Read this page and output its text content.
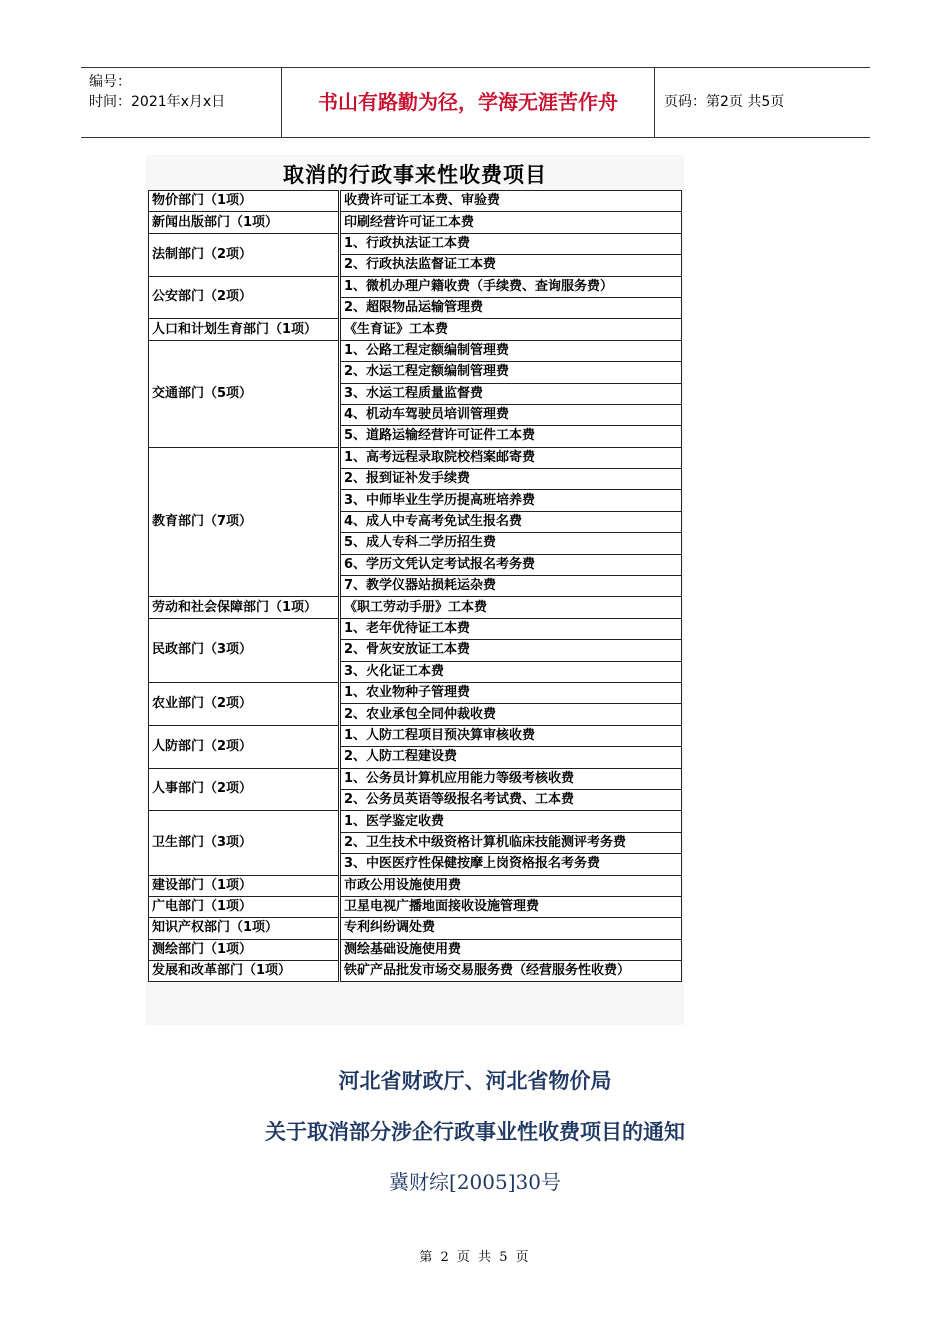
编号：
时间：2021年x月x日	书山有路勤为径，学海无涯苦作舟	页码：第2页 共5页
取消的行政事来性收费项目
物价部门（1项）	收费许可证工本费、审验费
新闻出版部门（1项）	印刷经营许可证工本费
法制部门（2项）	1、行政执法证工本费
	2、行政执法监督证工本费
公安部门（2项）	1、微机办理户籍收费（手续费、查询服务费）
	2、超限物品运输管理费
人口和计划生育部门（1项）	《生育证》工本费
交通部门（5项）	1、公路工程定额编制管理费
	2、水运工程定额编制管理费
	3、水运工程质量监督费
	4、机动车驾驶员培训管理费
	5、道路运输经营许可证件工本费
教育部门（7项）	1、高考远程录取院校档案邮寄费
	2、报到证补发手续费
	3、中师毕业生学历提高班培养费
	4、成人中专高考免试生报名费
	5、成人专科二学历招生费
	6、学历文凭认定考试报名考务费
	7、教学仪器站损耗运杂费
劳动和社会保障部门（1项）	《职工劳动手册》工本费
民政部门（3项）	1、老年优待证工本费
	2、骨灰安放证工本费
	3、火化证工本费
农业部门（2项）	1、农业物种子管理费
	2、农业承包全同仲裁收费
人防部门（2项）	1、人防工程项目预决算审核收费
	2、人防工程建设费
人事部门（2项）	1、公务员计算机应用能力等级考核收费
	2、公务员英语等级报名考试费、工本费
卫生部门（3项）	1、医学鉴定收费
	2、卫生技术中级资格计算机临床技能测评考务费
	3、中医医疗性保健按摩上岗资格报名考务费
建设部门（1项）	市政公用设施使用费
广电部门（1项）	卫星电视广播地面接收设施管理费
知识产权部门（1项）	专利纠纷调处费
测绘部门（1项）	测绘基础设施使用费
发展和改革部门（1项）	铁矿产品批发市场交易服务费（经营服务性收费）
河北省财政厅、河北省物价局
关于取消部分涉企行政事业性收费项目的通知
冀财综[2005]30号
第 2 页 共 5 页
